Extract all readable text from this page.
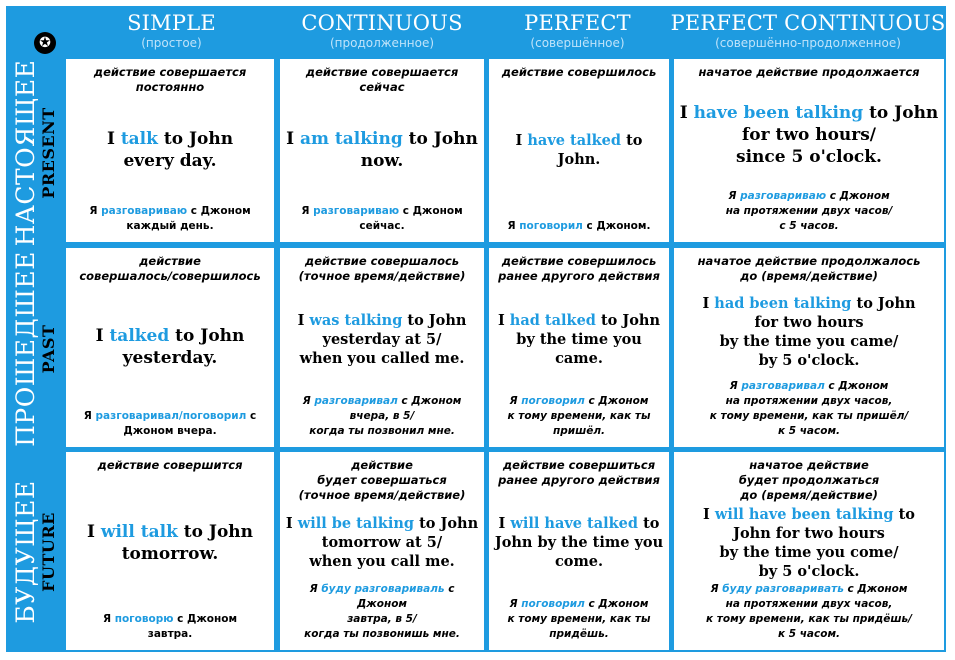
✪
SIMPLE
(простое)
CONTINUOUS
(продолженное)
PERFECT
(совершённое)
PERFECT CONTINUOUS
(совершённо-продолженное)
НАСТОЯЩЕЕ PRESENT
ПРОШЕДШЕЕ PAST
БУДУЩЕЕ FUTURE
действие совершается
постоянно
I talk to John
every day.
Я разговариваю с Джоном
каждый день.
действие совершается
сейчас
I am talking to John
now.
Я разговариваю с Джоном
сейчас.
действие совершилось
I have talked to John.
Я поговорил с Джоном.
начатое действие продолжается
I have been talking to John
for two hours/
since 5 o'clock.
Я разговариваю с Джоном
на протяжении двух часов/
с 5 часов.
действие
совершалось/совершилось
I talked to John
yesterday.
Я разговаривал/поговорил с
Джоном вчера.
действие совершалось
(точное время/действие)
I was talking to John
yesterday at 5/
when you called me.
Я разговаривал с Джоном
вчера, в 5/
когда ты позвонил мне.
действие совершилось
ранее другого действия
I had talked to John
by the time you came.
Я поговорил с Джоном
к тому времени, как ты
пришёл.
начатое действие продолжалось
до (время/действие)
I had been talking to John
for two hours
by the time you came/
by 5 o'clock.
Я разговаривал с Джоном
на протяжении двух часов,
к тому времени, как ты пришёл/
к 5 часом.
действие совершится
I will talk to John
tomorrow.
Я поговорю с Джоном
завтра.
действие
будет совершаться
(точное время/действие)
I will be talking to John
tomorrow at 5/
when you call me.
Я буду разговариваль с Джоном
завтра, в 5/
когда ты позвонишь мне.
действие совершиться
ранее другого действия
I will have talked to
John by the time you
come.
Я поговорил с Джоном
к тому времени, как ты
придёшь.
начатое действие
будет продолжаться
до (время/действие)
I will have been talking to
John for two hours
by the time you come/
by 5 o'clock.
Я буду разговаривать с Джоном
на протяжении двух часов,
к тому времени, как ты придёшь/
к 5 часом.
